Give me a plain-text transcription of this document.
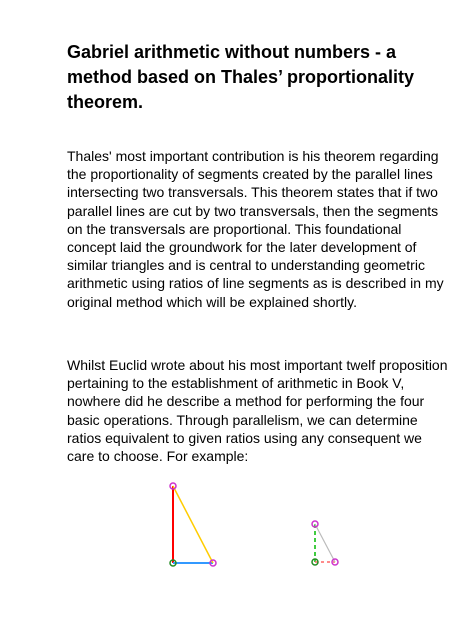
Gabriel arithmetic without numbers - a method based on Thales’ proportionality theorem.

Thales' most important contribution is his theorem regarding the proportionality of segments created by the parallel lines intersecting two transversals. This theorem states that if two parallel lines are cut by two transversals, then the segments on the transversals are proportional. This foundational concept laid the groundwork for the later development of similar triangles and is central to understanding geometric arithmetic using ratios of line segments as is described in my original method which will be explained shortly.

Whilst Euclid wrote about his most important twelf proposition pertaining to the establishment of arithmetic in Book V, nowhere did he describe a method for performing the four basic operations. Through parallelism, we can determine ratios equivalent to given ratios using any consequent we care to choose. For example:
